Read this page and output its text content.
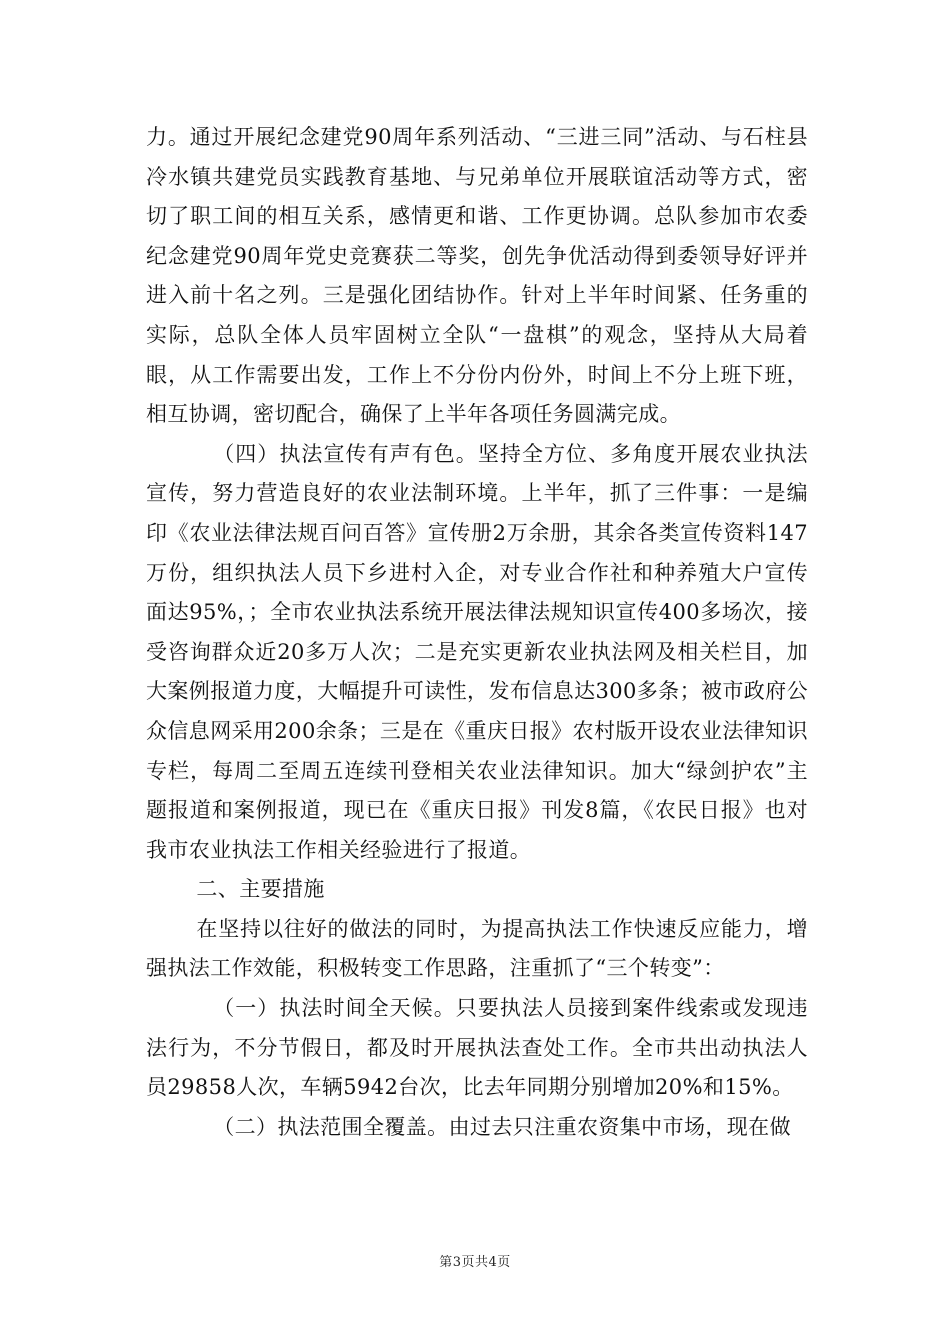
力。通过开展纪念建党90周年系列活动、“三进三同”活动、与石柱县冷水镇共建党员实践教育基地、与兄弟单位开展联谊活动等方式，密切了职工间的相互关系，感情更和谐、工作更协调。总队参加市农委纪念建党90周年党史竞赛获二等奖，创先争优活动得到委领导好评并进入前十名之列。三是强化团结协作。针对上半年时间紧、任务重的实际，总队全体人员牢固树立全队“一盘棋”的观念，坚持从大局着眼，从工作需要出发，工作上不分份内份外，时间上不分上班下班，相互协调，密切配合，确保了上半年各项任务圆满完成。

（四）执法宣传有声有色。坚持全方位、多角度开展农业执法宣传，努力营造良好的农业法制环境。上半年，抓了三件事：一是编印《农业法律法规百问百答》宣传册2万余册，其余各类宣传资料147万份，组织执法人员下乡进村入企，对专业合作社和种养殖大户宣传面达95%，；全市农业执法系统开展法律法规知识宣传400多场次，接受咨询群众近20多万人次；二是充实更新农业执法网及相关栏目，加大案例报道力度，大幅提升可读性，发布信息达300多条；被市政府公众信息网采用200余条；三是在《重庆日报》农村版开设农业法律知识专栏，每周二至周五连续刊登相关农业法律知识。加大“绿剑护农”主题报道和案例报道，现已在《重庆日报》刊发8篇，《农民日报》也对我市农业执法工作相关经验进行了报道。

二、主要措施

在坚持以往好的做法的同时，为提高执法工作快速反应能力，增强执法工作效能，积极转变工作思路，注重抓了“三个转变”：

（一）执法时间全天候。只要执法人员接到案件线索或发现违法行为，不分节假日，都及时开展执法查处工作。全市共出动执法人员29858人次，车辆5942台次，比去年同期分别增加20%和15%。

（二）执法范围全覆盖。由过去只注重农资集中市场，现在做

第3页共4页
